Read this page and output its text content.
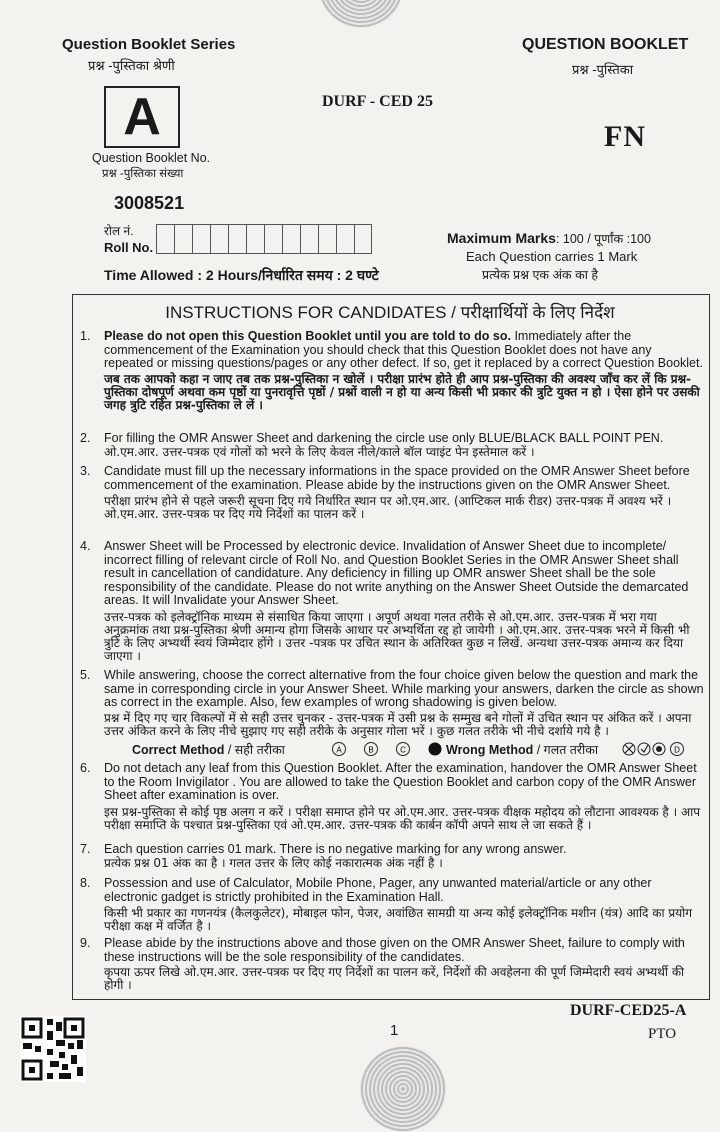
Question Booklet Series
प्रश्न -पुस्तिका श्रेणी
A
Question Booklet No.
प्रश्न -पुस्तिका संख्या
3008521
रोल नं.
Roll No.
Time Allowed : 2 Hours/निर्धारित समय : 2 घण्टे
DURF - CED 25
QUESTION BOOKLET
प्रश्न -पुस्तिका
FN
Maximum Marks: 100 / पूर्णांक :100
Each Question carries 1 Mark
प्रत्येक प्रश्न एक अंक का है
INSTRUCTIONS FOR CANDIDATES / परीक्षार्थियों के लिए निर्देश
1. Please do not open this Question Booklet until you are told to do so. Immediately after the commencement of the Examination you should check that this Question Booklet does not have any repeated or missing questions/pages or any other defect. If so, get it replaced by a correct Question Booklet.
जब तक आपको कहा न जाए तब तक प्रश्न-पुस्तिका न खोलें । परीक्षा प्रारंभ होते ही आप प्रश्न-पुस्तिका की अवश्य जाँच कर लें कि प्रश्न-पुस्तिका दोषपूर्ण अथवा कम पृष्ठों या पुनरावृत्ति पृष्ठों / प्रश्नों वाली न हो या अन्य किसी भी प्रकार की त्रुटि युक्त न हो । ऐसा होने पर उसकी जगह त्रुटि रहित प्रश्न-पुस्तिका ले लें ।
2. For filling the OMR Answer Sheet and darkening the circle use only BLUE/BLACK BALL POINT PEN.
ओ.एम.आर. उत्तर-पत्रक एवं गोलों को भरने के लिए केवल नीले/काले बॉल प्वाइंट पेन इस्तेमाल करें ।
3. Candidate must fill up the necessary informations in the space provided on the OMR Answer Sheet before commencement of the examination. Please abide by the instructions given on the OMR Answer Sheet.
परीक्षा प्रारंभ होने से पहले जरूरी सूचना दिए गये निर्धारित स्थान पर ओ.एम.आर. (आप्टिकल मार्क रीडर) उत्तर-पत्रक में अवश्य भरें । ओ.एम.आर. उत्तर-पत्रक पर दिए गये निर्देशों का पालन करें ।
4. Answer Sheet will be Processed by electronic device. Invalidation of Answer Sheet due to incomplete/ incorrect filling of relevant circle of Roll No. and Question Booklet Series in the OMR Answer Sheet shall result in cancellation of candidature. Any deficiency in filling up OMR answer Sheet shall be the sole responsibility of the candidate. Please do not write anything on the Answer Sheet Outside the demarcated areas. It will Invalidate your Answer Sheet.
उत्तर-पत्रक को इलेक्ट्रॉनिक माध्यम से संसाधित किया जाएगा । अपूर्ण अथवा गलत तरीके से ओ.एम.आर. उत्तर-पत्रक में भरा गया अनुक्रमांक तथा प्रश्न-पुस्तिका श्रेणी अमान्य होगा जिसके आधार पर अभ्यर्थिता रद्द हो जायेगी । ओ.एम.आर. उत्तर-पत्रक भरने में किसी भी त्रुटि के लिए अभ्यर्थी स्वयं जिम्मेदार होंगे । उत्तर -पत्रक पर उचित स्थान के अतिरिक्त कुछ न लिखें. अन्यथा उत्तर-पत्रक अमान्य कर दिया जाएगा ।
5. While answering, choose the correct alternative from the four choice given below the question and mark the same in corresponding circle in your Answer Sheet. While marking your answers, darken the circle as shown as correct in the example. Also, few examples of wrong shadowing is given below.
प्रश्न में दिए गए चार विकल्पों में से सही उत्तर चुनकर - उत्तर-पत्रक में उसी प्रश्न के सम्मुख बने गोलों में उचित स्थान पर अंकित करें । अपना उत्तर अंकित करने के लिए नीचे सुझाए गए सही तरीके के अनुसार गोला भरें । कुछ गलत तरीके भी नीचे दर्शाये गये है ।
Correct Method / सही तरीका	A	B	C	Wrong Method / गलत तरीका	D
6. Do not detach any leaf from this Question Booklet. After the examination, handover the OMR Answer Sheet to the Room Invigilator . You are allowed to take the Question Booklet and carbon copy of the OMR Answer Sheet after examination is over.
इस प्रश्न-पुस्तिका से कोई पृष्ठ अलग न करें । परीक्षा समाप्त होने पर ओ.एम.आर. उत्तर-पत्रक वीक्षक महोदय को लौटाना आवश्यक है । आप परीक्षा समाप्ति के पश्चात प्रश्न-पुस्तिका एवं ओ.एम.आर. उत्तर-पत्रक की कार्बन कॉपी अपने साथ ले जा सकते हैं ।
7. Each question carries 01 mark. There is no negative marking for any wrong answer.
प्रत्येक प्रश्न 01 अंक का है । गलत उत्तर के लिए कोई नकारात्मक अंक नहीं है ।
8. Possession and use of Calculator, Mobile Phone, Pager, any unwanted material/article or any other electronic gadget is strictly prohibited in the Examination Hall.
किसी भी प्रकार का गणनयंत्र (कैलकुलेटर), मोबाइल फोन, पेजर, अवांछित सामग्री या अन्य कोई इलेक्ट्रॉनिक मशीन (यंत्र) आदि का प्रयोग परीक्षा कक्ष में वर्जित है ।
9. Please abide by the instructions above and those given on the OMR Answer Sheet, failure to comply with these instructions will be the sole responsibility of the candidates.
कृपया ऊपर लिखे ओ.एम.आर. उत्तर-पत्रक पर दिए गए निर्देशों का पालन करें, निर्देशों की अवहेलना की पूर्ण जिम्मेदारी स्वयं अभ्यर्थी की होगी ।
1
DURF-CED25-A
PTO
